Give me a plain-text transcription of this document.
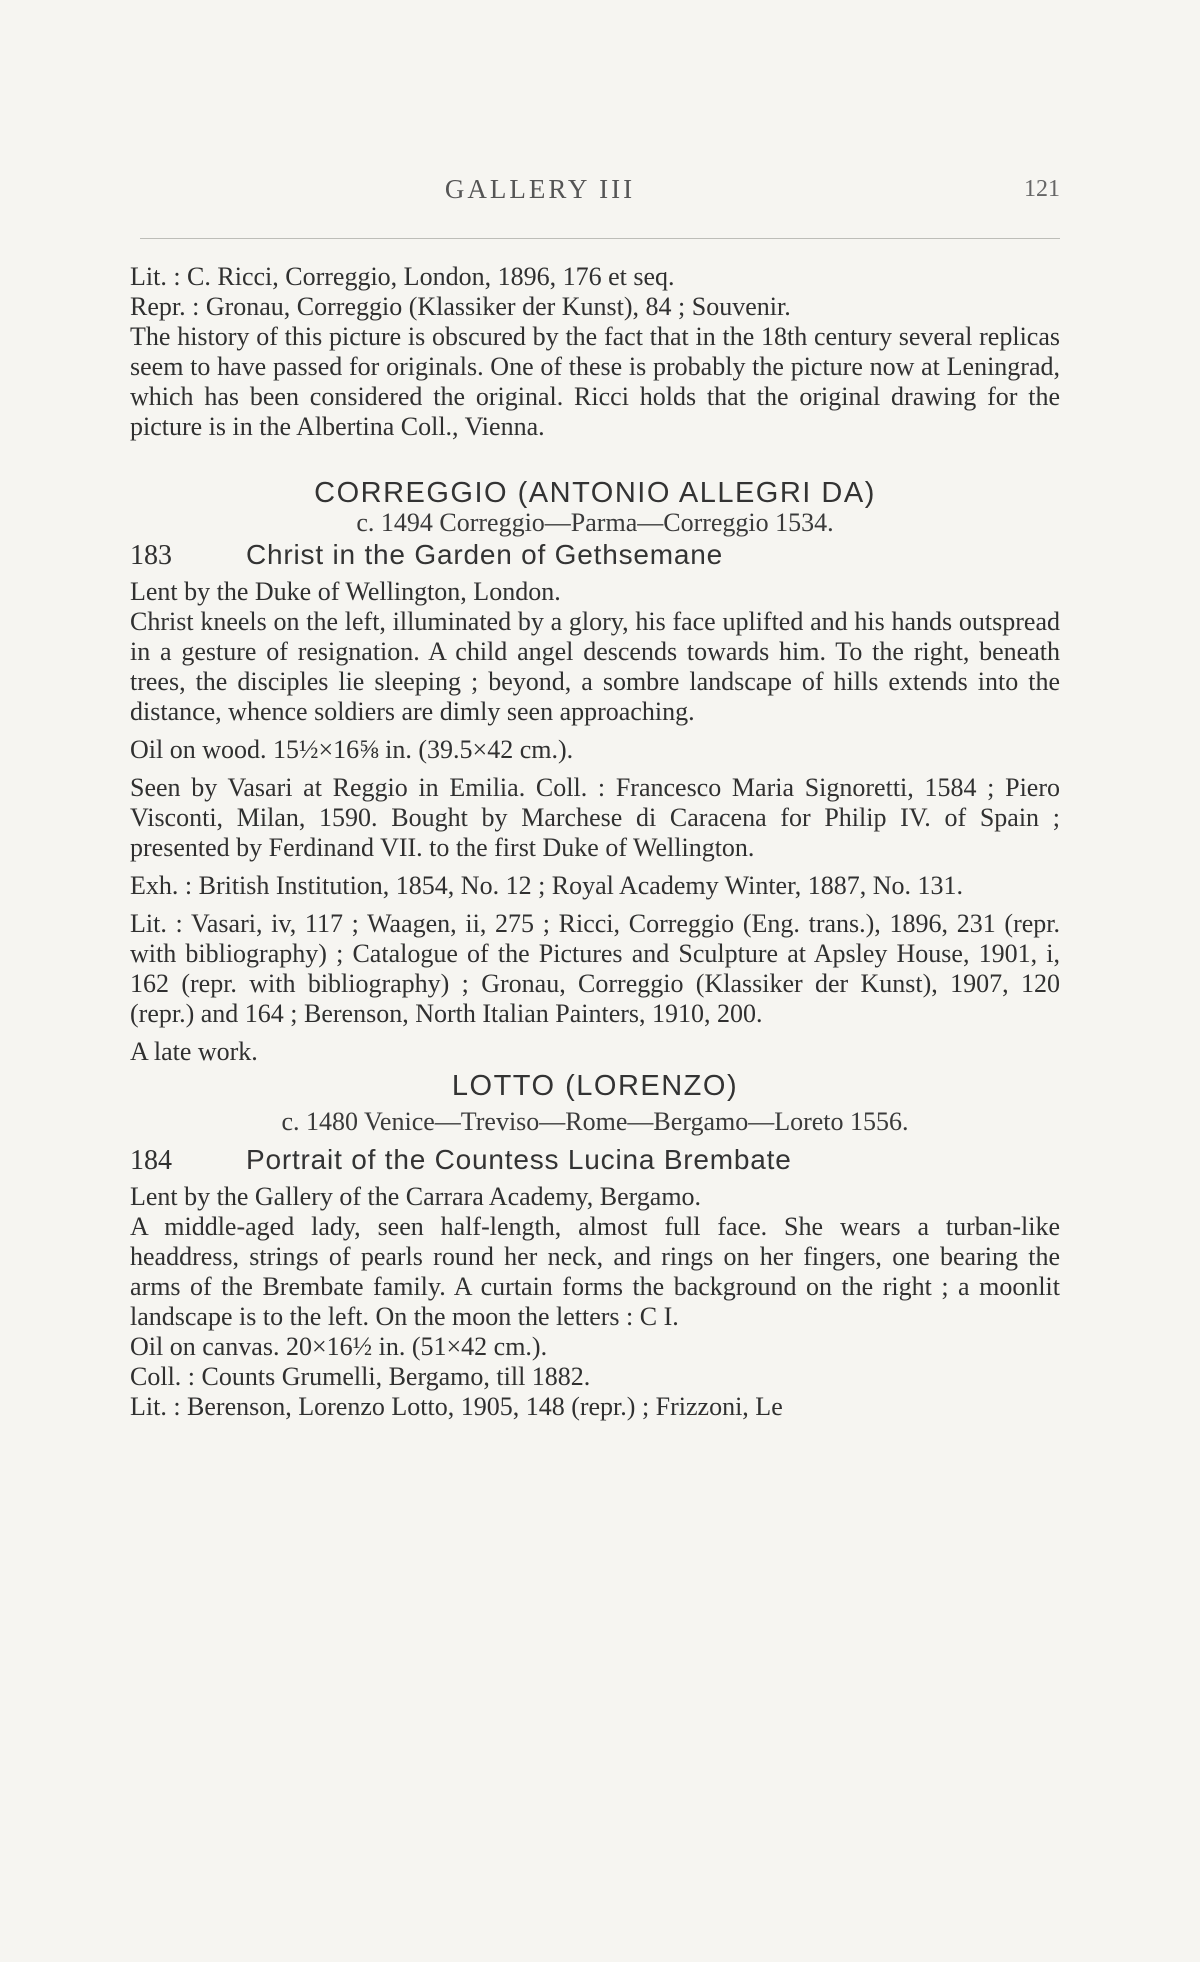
GALLERY III	121

Lit. : C. Ricci, Correggio, London, 1896, 176 et seq.

Repr. : Gronau, Correggio (Klassiker der Kunst), 84 ; Souvenir.

The history of this picture is obscured by the fact that in the 18th century several replicas seem to have passed for originals. One of these is probably the picture now at Leningrad, which has been considered the original. Ricci holds that the original drawing for the picture is in the Albertina Coll., Vienna.

CORREGGIO (ANTONIO ALLEGRI DA)

c. 1494 Correggio—Parma—Correggio 1534.

183	Christ in the Garden of Gethsemane

Lent by the Duke of Wellington, London.

Christ kneels on the left, illuminated by a glory, his face uplifted and his hands outspread in a gesture of resignation. A child angel descends towards him. To the right, beneath trees, the disciples lie sleeping ; beyond, a sombre landscape of hills extends into the distance, whence soldiers are dimly seen approaching.

Oil on wood. 15½×16⅝ in. (39.5×42 cm.).

Seen by Vasari at Reggio in Emilia. Coll. : Francesco Maria Signoretti, 1584 ; Piero Visconti, Milan, 1590. Bought by Marchese di Caracena for Philip IV. of Spain ; presented by Ferdinand VII. to the first Duke of Wellington.

Exh. : British Institution, 1854, No. 12 ; Royal Academy Winter, 1887, No. 131.

Lit. : Vasari, iv, 117 ; Waagen, ii, 275 ; Ricci, Correggio (Eng. trans.), 1896, 231 (repr. with bibliography) ; Catalogue of the Pictures and Sculpture at Apsley House, 1901, i, 162 (repr. with bibliography) ; Gronau, Correggio (Klassiker der Kunst), 1907, 120 (repr.) and 164 ; Berenson, North Italian Painters, 1910, 200.

A late work.

LOTTO (LORENZO)

c. 1480 Venice—Treviso—Rome—Bergamo—Loreto 1556.

184	Portrait of the Countess Lucina Brembate

Lent by the Gallery of the Carrara Academy, Bergamo.

A middle-aged lady, seen half-length, almost full face. She wears a turban-like headdress, strings of pearls round her neck, and rings on her fingers, one bearing the arms of the Brembate family. A curtain forms the background on the right ; a moonlit landscape is to the left. On the moon the letters : C I.

Oil on canvas. 20×16½ in. (51×42 cm.).

Coll. : Counts Grumelli, Bergamo, till 1882.

Lit. : Berenson, Lorenzo Lotto, 1905, 148 (repr.) ; Frizzoni, Le
